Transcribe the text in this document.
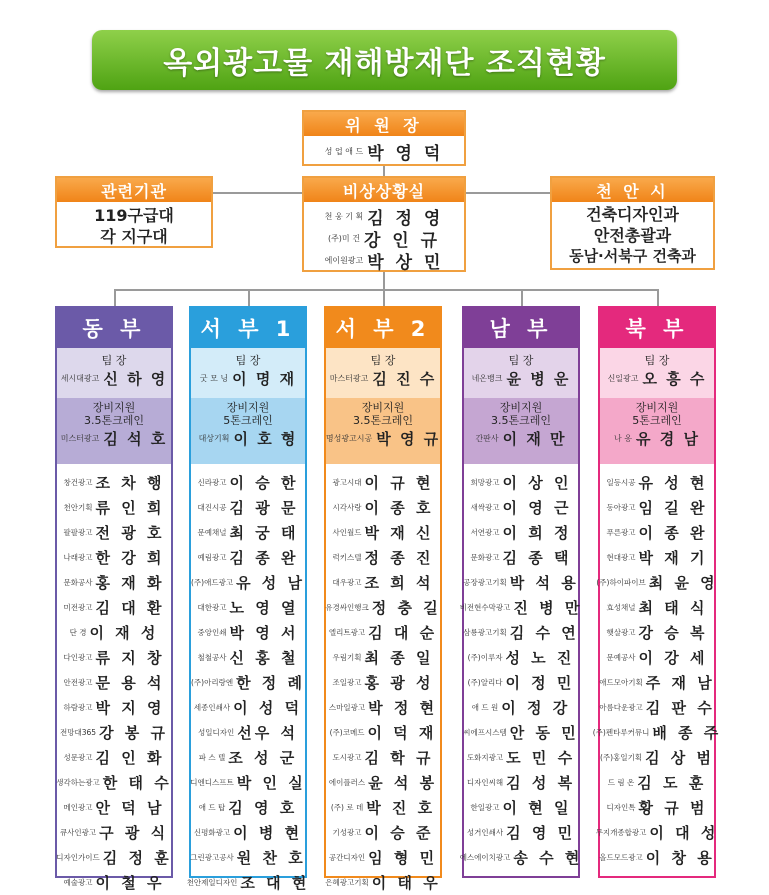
옥외광고물 재해방재단 조직현황
위 원 장
성 업 애 드 박 영 덕
비상상황실
천 웅 기 획 김 정 영
(주)미 건 강 인 규
에이원광고 박 상 민
관련기관
119구급대
각 지구대
천 안 시
건축디자인과
안전총괄과
동남·서북구 건축과
동 부
팀 장
세시대광고 신 하 영
장비지원
3.5톤크레인
미스터광고 김 석 호
창건광고 조 차 행
천안기획 류 인 희
팔팔광고 전 광 호
나래광고 한 강 희
문화공사 홍 재 화
미전광고 김 대 환
단 경 이 재 성
다인광고 류 지 창
안전광고 문 용 석
하람광고 박 지 영
전망대365 강 봉 규
성문광고 김 인 화
생각하는광고 한 태 수
메인광고 안 덕 남
큐사인광고 구 광 식
디자인가이드 김 정 훈
예술광고 이 철 우
서 부 1
팀 장
굿 모 닝 이 명 재
장비지원
5톤크레인
대상기획 이 호 형
신라광고 이 승 한
대진시공 김 광 문
문예채널 최 궁 태
예림광고 김 종 완
(주)애드광고 유 성 남
대한광고 노 영 열
중앙인쇄 박 영 서
철철공사 신 홍 철
(주)아리랑엔 한 정 례
세종인쇄사 이 성 덕
성일디자인 선우 석
파 스 텔 조 성 군
디엔디스프트 박 인 실
애 드 탑 김 영 호
신평화광고 이 병 현
그린광고공사 원 찬 호
천안제일디자인 조 대 현
서 부 2
팀 장
마스터광고 김 진 수
장비지원
3.5톤크레인
명성광고시공 박 영 규
광고시대 이 규 현
시각사랑 이 종 호
사인월드 박 재 신
럭키스텔 정 종 진
대우광고 조 희 석
유경싸인행크 정 충 길
엘리트광고 김 대 순
우림기획 최 종 일
조일광고 홍 광 성
스마일광고 박 정 현
(주)코메드 이 덕 재
도시광고 김 학 규
에이플러스 윤 석 봉
(주) 로 데 박 진 호
기성광고 이 승 준
공간디자인 임 형 민
은혜광고기획 이 태 우
남 부
팀 장
네온뱅크 윤 병 운
장비지원
3.5톤크레인
간판사 이 재 만
희망광고 이 상 인
새싹광고 이 영 근
서연광고 이 희 정
문화광고 김 종 택
공장광고기획 박 석 용
비전현수막광고 진 병 만
삼룡광고기획 김 수 연
(주)이루자 성 노 진
(주)알리다 이 정 민
애 드 원 이 정 강
씨에프시스템 안 동 민
도화지광고 도 민 수
디자인씨해 김 성 복
한일광고 이 현 일
성거인쇄사 김 영 민
에스에이치광고 송 수 현
북 부
팀 장
신일광고 오 흥 수
장비지원
5톤크레인
나 옹 유 경 남
일등시공 유 성 현
동아광고 임 길 완
푸른광고 이 종 완
현대광고 박 재 기
(주)하이파이브 최 윤 영
효성채널 최 태 식
햇살광고 강 승 복
문예공사 이 강 세
애드모아기획 주 재 남
아름다운광고 김 판 수
(주)펜타루커뮤니 배 종 주
(주)홍일기획 김 상 범
드 림 온 김 도 훈
디자인톡 황 규 범
무지개종합광고 이 대 성
올드모드광고 이 창 용
